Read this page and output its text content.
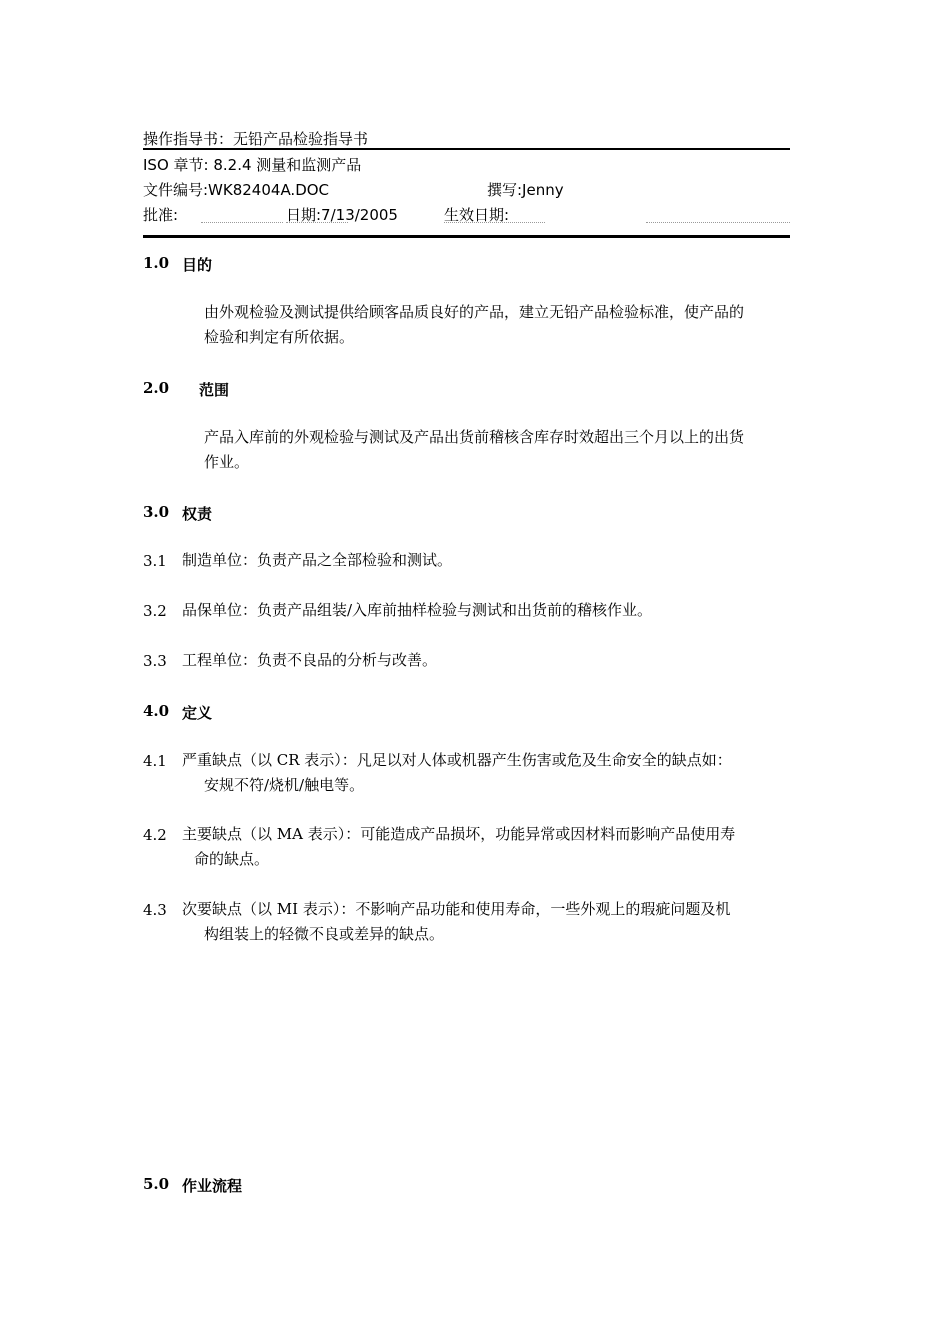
操作指导书：无铅产品检验指导书
ISO 章节: 8.2.4 测量和监测产品
文件编号:WK82404A.DOC	撰写:Jenny
批准:	日期:7/13/2005	生效日期:
1.0 目的
由外观检验及测试提供给顾客品质良好的产品，建立无铅产品检验标准，使产品的
检验和判定有所依据。
2.0 范围
产品入库前的外观检验与测试及产品出货前稽核含库存时效超出三个月以上的出货
作业。
3.0 权责
3.1 制造单位：负责产品之全部检验和测试。
3.2 品保单位：负责产品组装/入库前抽样检验与测试和出货前的稽核作业。
3.3 工程单位：负责不良品的分析与改善。
4.0 定义
4.1 严重缺点（以 CR 表示）：凡足以对人体或机器产生伤害或危及生命安全的缺点如：
安规不符/烧机/触电等。
4.2 主要缺点（以 MA 表示）：可能造成产品损坏，功能异常或因材料而影响产品使用寿
命的缺点。
4.3 次要缺点（以 MI 表示）：不影响产品功能和使用寿命，一些外观上的瑕疵问题及机
构组装上的轻微不良或差异的缺点。
5.0 作业流程
